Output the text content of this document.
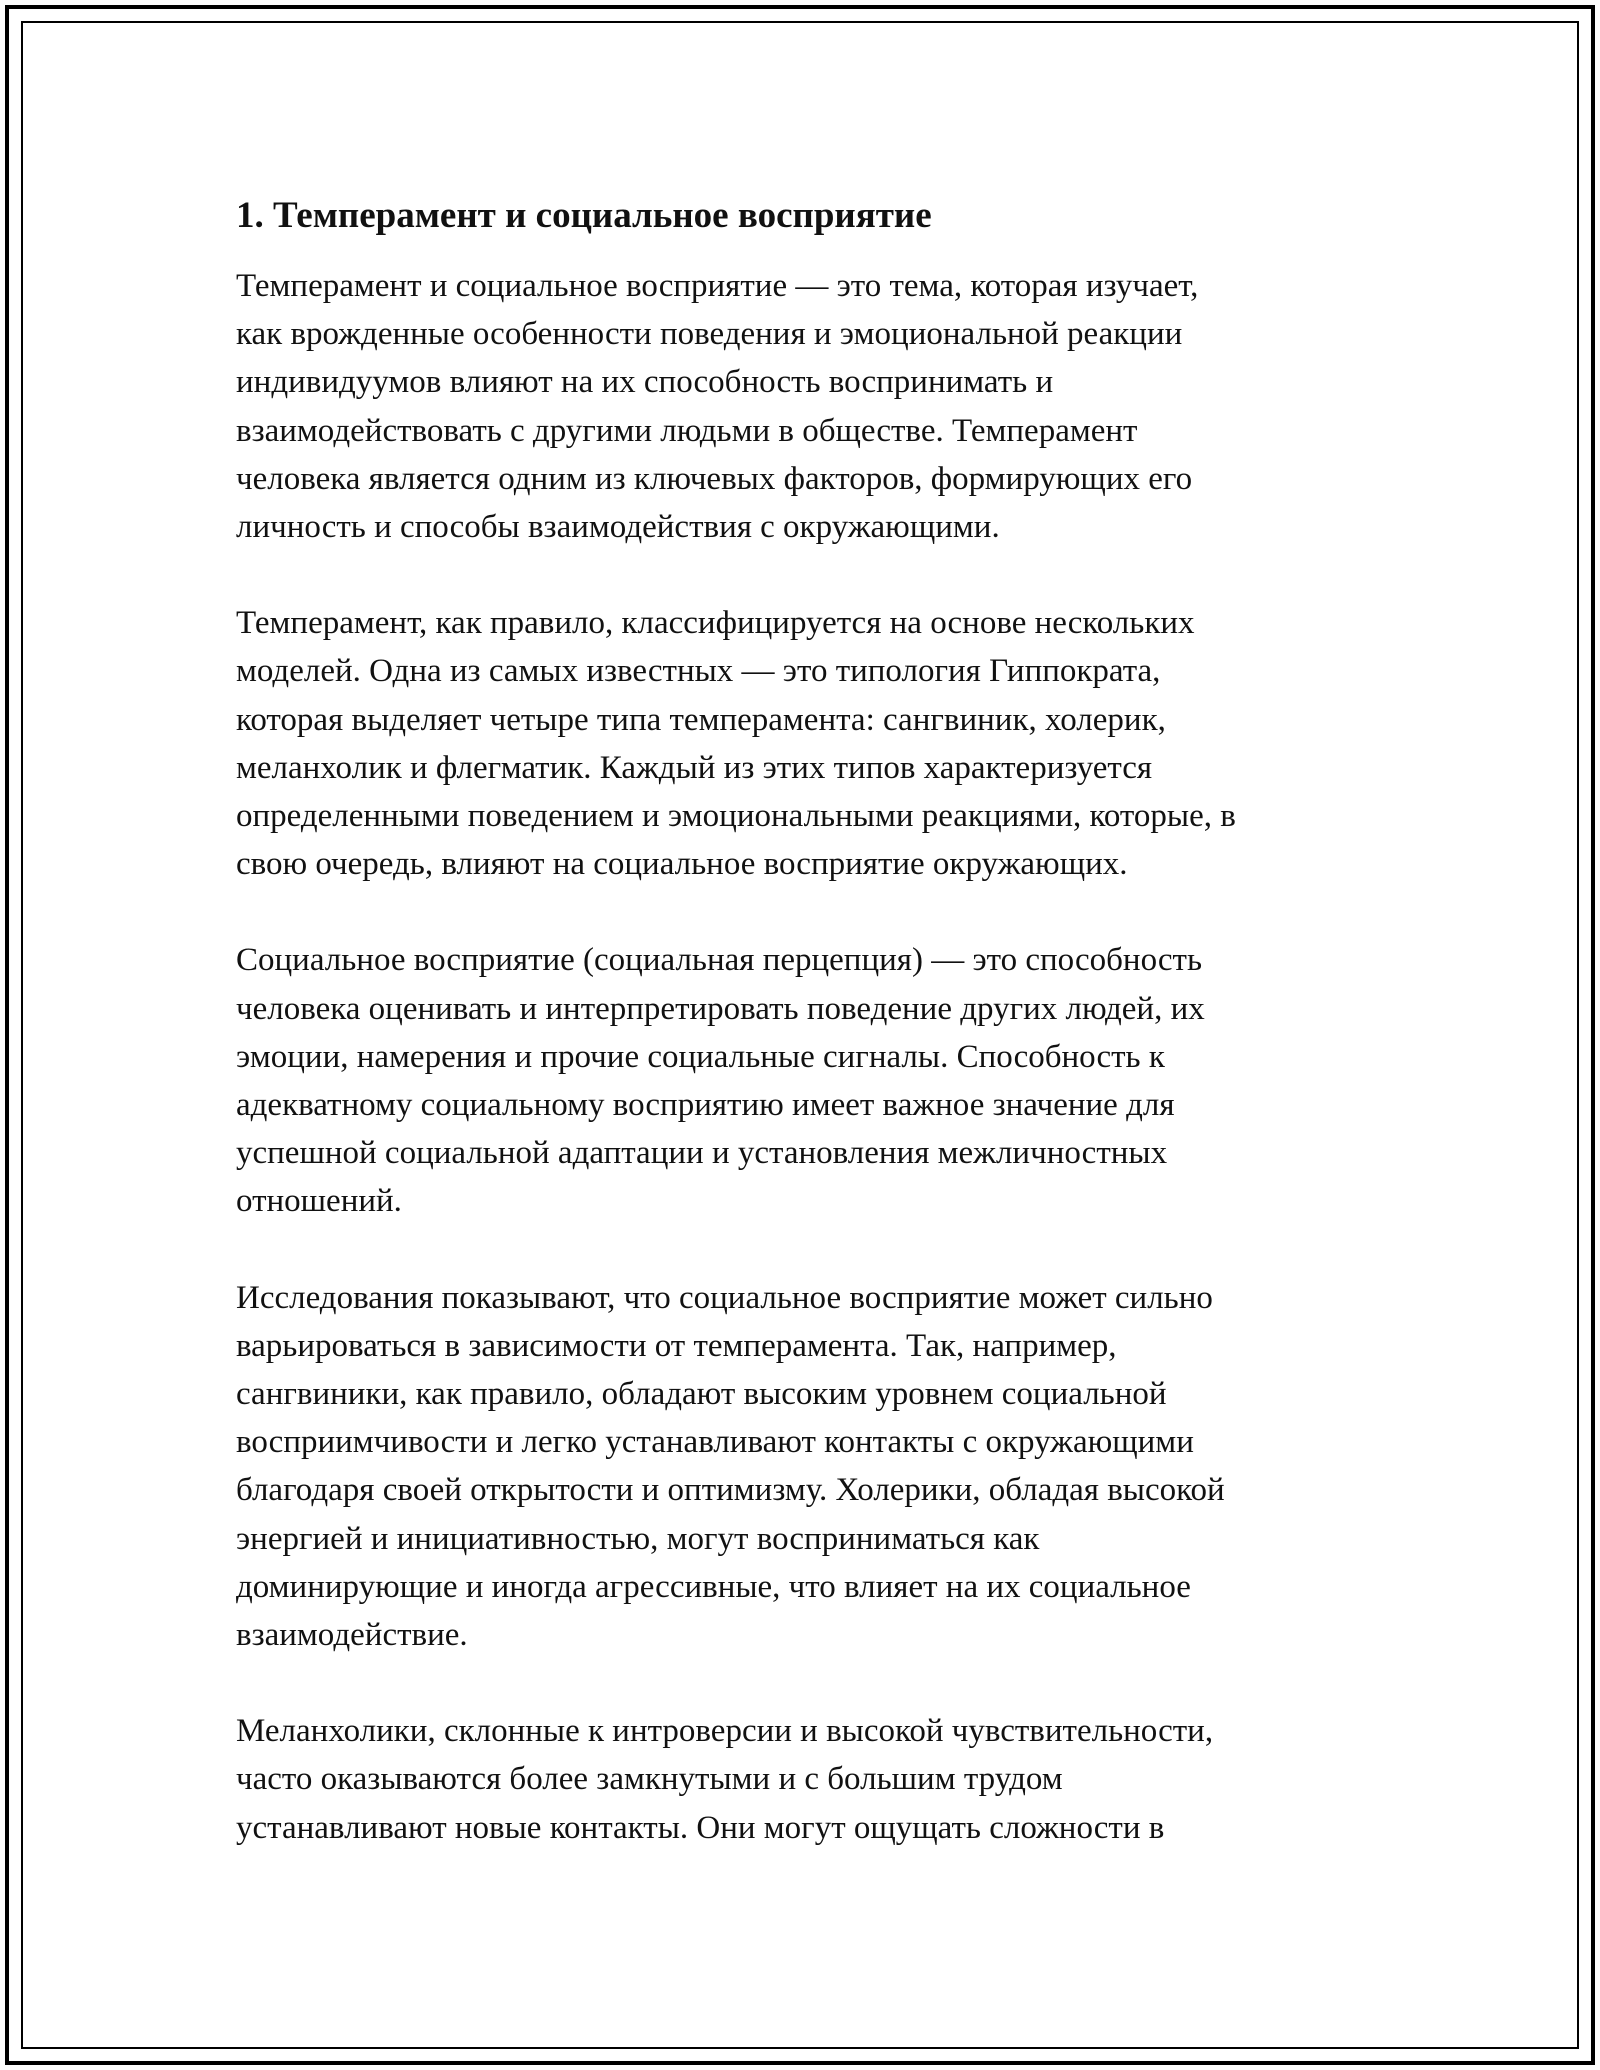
1. Темперамент и социальное восприятие

Темперамент и социальное восприятие — это тема, которая изучает,
как врожденные особенности поведения и эмоциональной реакции
индивидуумов влияют на их способность воспринимать и
взаимодействовать с другими людьми в обществе. Темперамент
человека является одним из ключевых факторов, формирующих его
личность и способы взаимодействия с окружающими.

Темперамент, как правило, классифицируется на основе нескольких
моделей. Одна из самых известных — это типология Гиппократа,
которая выделяет четыре типа темперамента: сангвиник, холерик,
меланхолик и флегматик. Каждый из этих типов характеризуется
определенными поведением и эмоциональными реакциями, которые, в
свою очередь, влияют на социальное восприятие окружающих.

Социальное восприятие (социальная перцепция) — это способность
человека оценивать и интерпретировать поведение других людей, их
эмоции, намерения и прочие социальные сигналы. Способность к
адекватному социальному восприятию имеет важное значение для
успешной социальной адаптации и установления межличностных
отношений.

Исследования показывают, что социальное восприятие может сильно
варьироваться в зависимости от темперамента. Так, например,
сангвиники, как правило, обладают высоким уровнем социальной
восприимчивости и легко устанавливают контакты с окружающими
благодаря своей открытости и оптимизму. Холерики, обладая высокой
энергией и инициативностью, могут восприниматься как
доминирующие и иногда агрессивные, что влияет на их социальное
взаимодействие.

Меланхолики, склонные к интроверсии и высокой чувствительности,
часто оказываются более замкнутыми и с большим трудом
устанавливают новые контакты. Они могут ощущать сложности в
